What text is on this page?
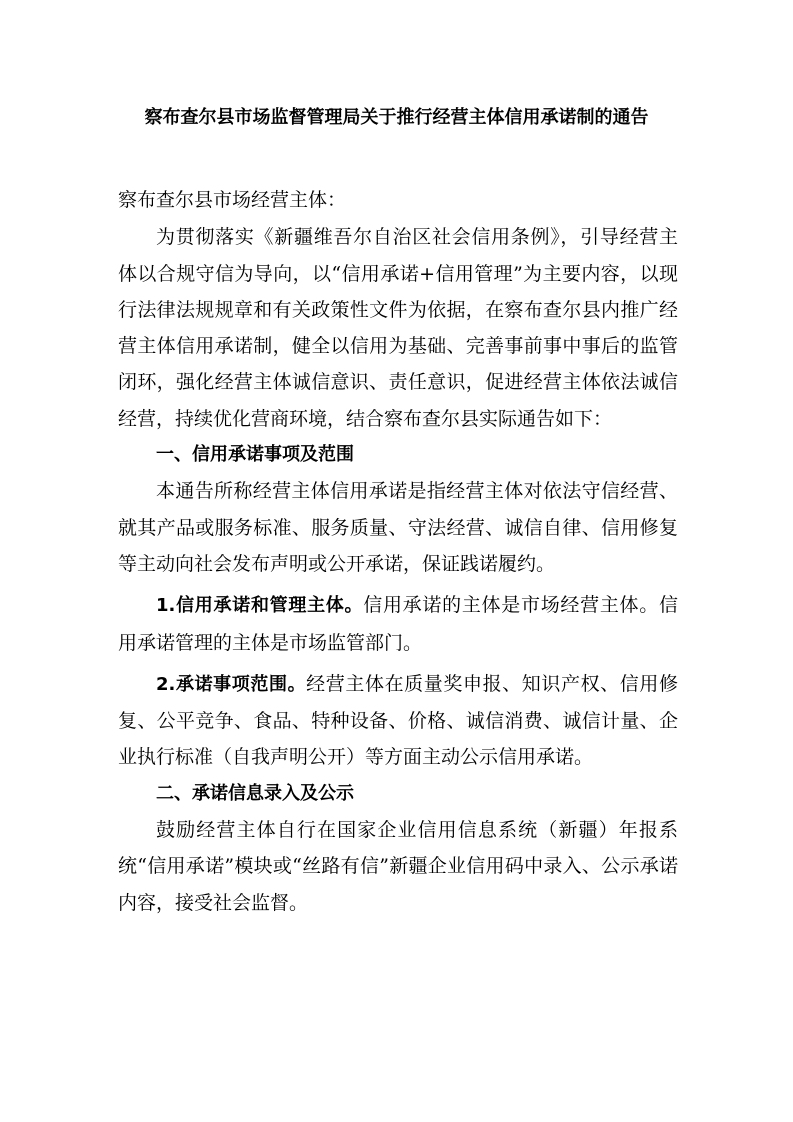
察布查尔县市场监督管理局关于推行经营主体信用承诺制的通告

察布查尔县市场经营主体：

为贯彻落实《新疆维吾尔自治区社会信用条例》，引导经营主体以合规守信为导向，以“信用承诺+信用管理”为主要内容，以现行法律法规规章和有关政策性文件为依据，在察布查尔县内推广经营主体信用承诺制，健全以信用为基础、完善事前事中事后的监管闭环，强化经营主体诚信意识、责任意识，促进经营主体依法诚信经营，持续优化营商环境，结合察布查尔县实际通告如下：

一、信用承诺事项及范围

本通告所称经营主体信用承诺是指经营主体对依法守信经营、就其产品或服务标准、服务质量、守法经营、诚信自律、信用修复等主动向社会发布声明或公开承诺，保证践诺履约。

1.信用承诺和管理主体。信用承诺的主体是市场经营主体。信用承诺管理的主体是市场监管部门。

2.承诺事项范围。经营主体在质量奖申报、知识产权、信用修复、公平竞争、食品、特种设备、价格、诚信消费、诚信计量、企业执行标准（自我声明公开）等方面主动公示信用承诺。

二、承诺信息录入及公示

鼓励经营主体自行在国家企业信用信息系统（新疆）年报系统“信用承诺”模块或“丝路有信”新疆企业信用码中录入、公示承诺内容，接受社会监督。
